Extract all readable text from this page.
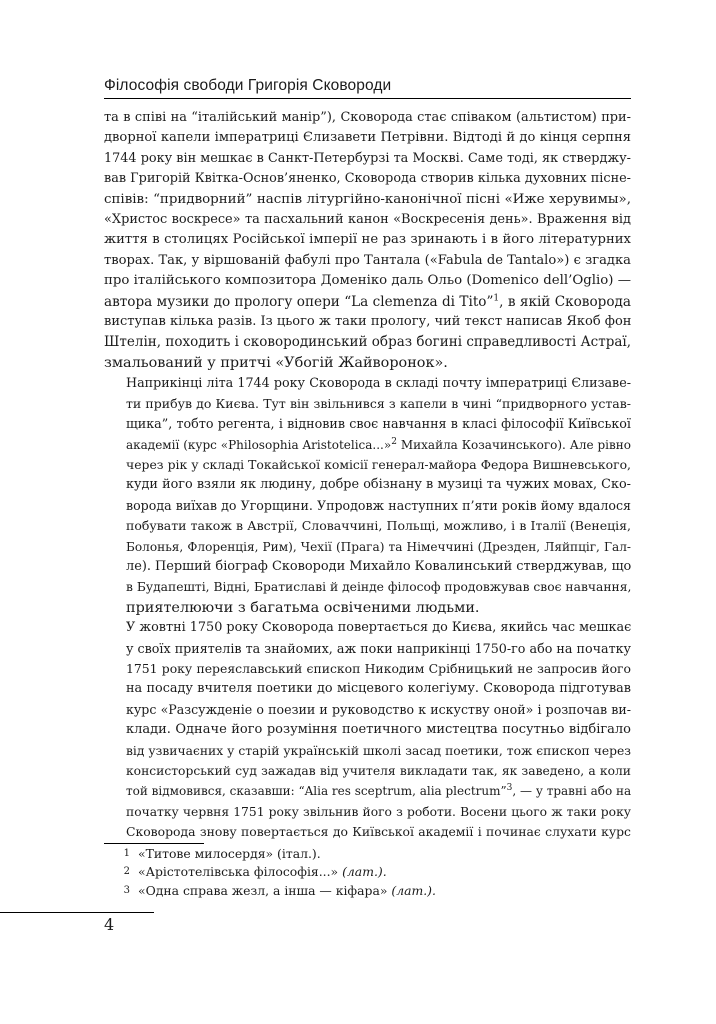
Філософія свободи Григорія Сковороди

та в співі на “італійський манір”), Сковорода стає співаком (альтистом) при-
дворної капели імператриці Єлизавети Петрівни. Відтоді й до кінця серпня
1744 року він мешкає в Санкт-Петербурзі та Москві. Саме тоді, як стверджу-
вав Григорій Квітка-Основ’яненко, Сковорода створив кілька духовних пісне-
співів: “придворний” наспів літургійно-канонічної пісні «Иже херувимы»,
«Христос воскресе» та пасхальний канон «Воскресенія день». Враження від
життя в столицях Російської імперії не раз зринають і в його літературних
творах. Так, у віршованій фабулі про Тантала («Fabula de Tantalo») є згадка
про італійського композитора Доменіко даль Ольо (Domenico dell’Oglio) —
автора музики до прологу опери “La clemenza di Tito”$^1$, в якій Сковорода
виступав кілька разів. Із цього ж таки прологу, чий текст написав Якоб фон
Штелін, походить і сковородинський образ богині справедливості Астраї,
змальований у притчі «Убогій Жайворонок».

Наприкінці літа 1744 року Сковорода в складі почту імператриці Єлизаве-
ти прибув до Києва. Тут він звільнився з капели в чині “придворного устав-
щика”, тобто регента, і відновив своє навчання в класі філософії Київської
академії (курс «Philosophia Aristotelica...»$^2$ Михайла Козачинського). Але рівно
через рік у складі Токайської комісії генерал-майора Федора Вишневського,
куди його взяли як людину, добре обізнану в музиці та чужих мовах, Ско-
ворода виїхав до Угорщини. Упродовж наступних п’яти років йому вдалося
побувати також в Австрії, Словаччині, Польщі, можливо, і в Італії (Венеція,
Болонья, Флоренція, Рим), Чехії (Прага) та Німеччині (Дрезден, Ляйпціг, Гал-
ле). Перший біограф Сковороди Михайло Ковалинський стверджував, що
в Будапешті, Відні, Братиславі й деінде філософ продовжував своє навчання,
приятелюючи з багатьма освіченими людьми.

У жовтні 1750 року Сковорода повертається до Києва, якийсь час мешкає
у своїх приятелів та знайомих, аж поки наприкінці 1750-го або на початку
1751 року переяславський єпископ Никодим Срібницький не запросив його
на посаду вчителя поетики до місцевого колегіуму. Сковорода підготував
курс «Разсужденіе о поезии и руководство к искуству оной» і розпочав ви-
клади. Одначе його розуміння поетичного мистецтва посутньо відбігало
від узвичаєних у старій українській школі засад поетики, тож єпископ через
консисторський суд зажадав від учителя викладати так, як заведено, а коли
той відмовився, сказавши: “Alia res sceptrum, alia plectrum”$^3$, — у травні або на
початку червня 1751 року звільнив його з роботи. Восени цього ж таки року
Сковорода знову повертається до Київської академії і починає слухати курс

1 «Титове милосердя» (італ.).
2 «Арістотелівська філософія...» (лат.).
3 «Одна справа жезл, а інша — кіфара» (лат.).
4
